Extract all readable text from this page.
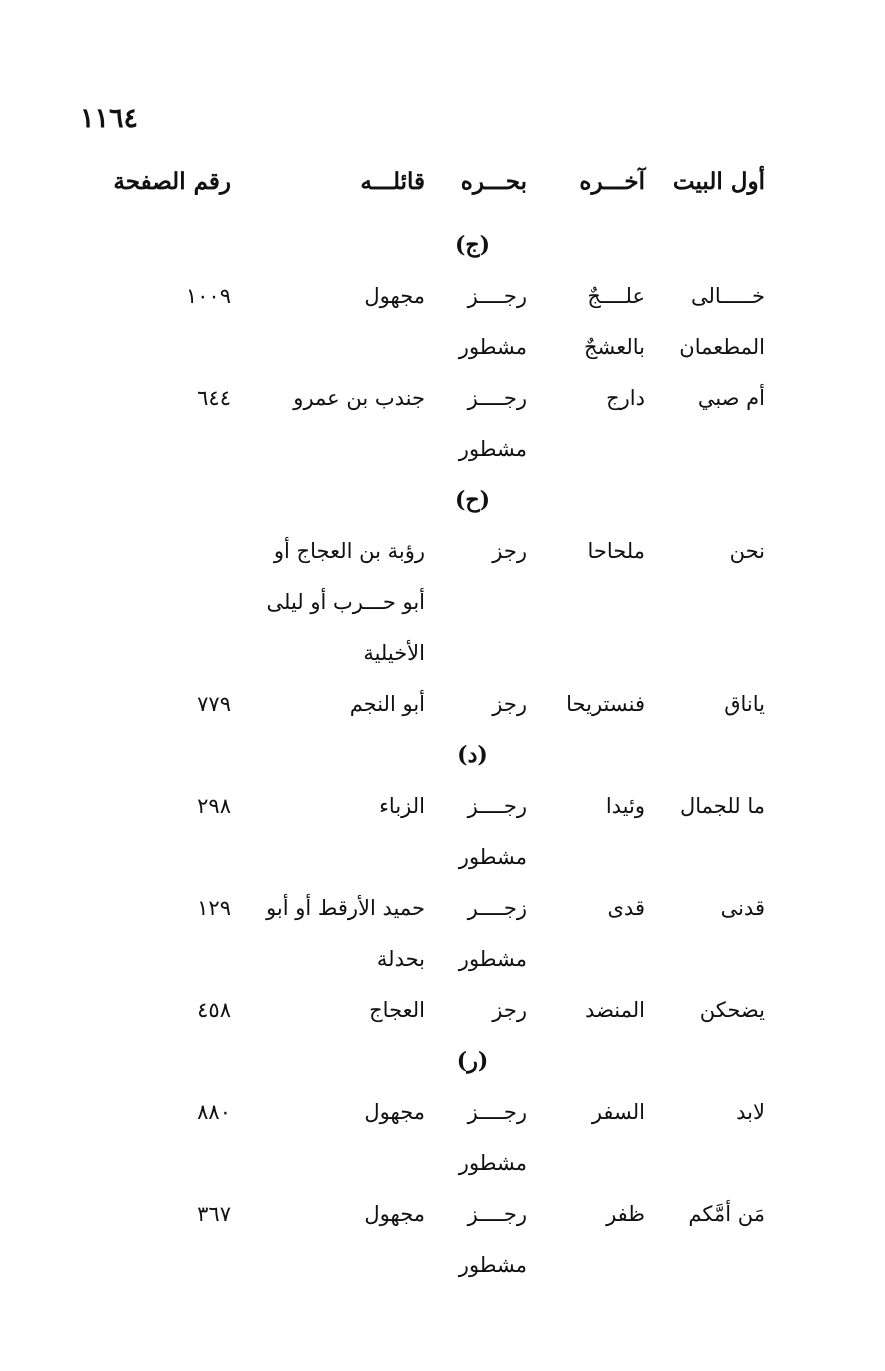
١١٦٤
أول البيت
آخـــره
بحـــره
قائلـــه
رقم الصفحة
(ج)
خـــــالى
علــــجٌ
رجــــز
مجهول
١٠٠٩
المطعمان
بالعشجٌ
مشطور
أم صبي
دارج
رجــــز مشطور
جندب بن عمرو
٦٤٤
(ح)
نحن
ملحاحا
رجز
رؤبة بن العجاج أو أبو حـــرب أو ليلى الأخيلية
ياناق
فنستريحا
رجز
أبو النجم
٧٧٩
(د)
ما للجمال
وئيدا
رجــــز مشطور
الزباء
٢٩٨
قدنى
قدى
زجــــر مشطور
حميد الأرقط أو أبو بحدلة
١٢٩
يضحكن
المنضد
رجز
العجاج
٤٥٨
(ر)
لابد
السفر
رجــــز مشطور
مجهول
٨٨٠
مَن أمَّكم
ظفر
رجــــز مشطور
مجهول
٣٦٧
